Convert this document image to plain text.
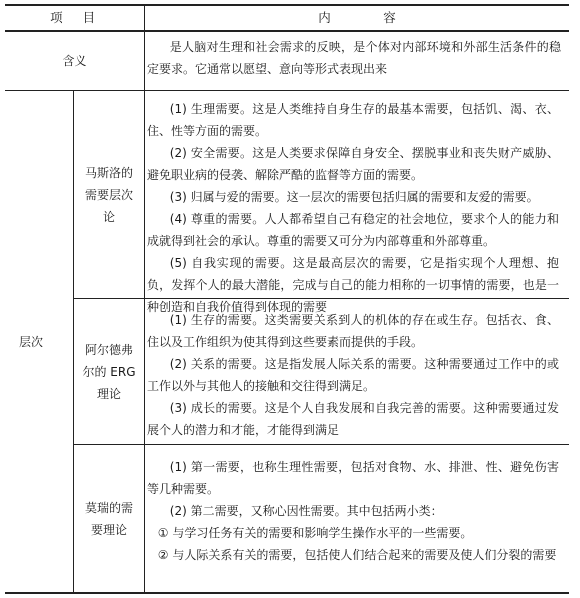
项　目	内容
含义

是人脑对生理和社会需求的反映，是个体对内部环境和外部生活条件的稳定要求。它通常以愿望、意向等形式表现出来

层次
马斯洛的需要层次论

(1) 生理需要。这是人类维持自身生存的最基本需要，包括饥、渴、衣、住、性等方面的需要。

(2) 安全需要。这是人类要求保障自身安全、摆脱事业和丧失财产威胁、避免职业病的侵袭、解除严酷的监督等方面的需要。

(3) 归属与爱的需要。这一层次的需要包括归属的需要和友爱的需要。

(4) 尊重的需要。人人都希望自己有稳定的社会地位，要求个人的能力和成就得到社会的承认。尊重的需要又可分为内部尊重和外部尊重。

(5) 自我实现的需要。这是最高层次的需要，它是指实现个人理想、抱负，发挥个人的最大潜能，完成与自己的能力相称的一切事情的需要，也是一种创造和自我价值得到体现的需要

阿尔德弗尔的 ERG 理论

(1) 生存的需要。这类需要关系到人的机体的存在或生存。包括衣、食、住以及工作组织为使其得到这些要素而提供的手段。

(2) 关系的需要。这是指发展人际关系的需要。这种需要通过工作中的或工作以外与其他人的接触和交往得到满足。

(3) 成长的需要。这是个人自我发展和自我完善的需要。这种需要通过发展个人的潜力和才能，才能得到满足

莫瑞的需要理论

(1) 第一需要，也称生理性需要，包括对食物、水、排泄、性、避免伤害等几种需要。

(2) 第二需要，又称心因性需要。其中包括两小类：

① 与学习任务有关的需要和影响学生操作水平的一些需要。

② 与人际关系有关的需要，包括使人们结合起来的需要及使人们分裂的需要
